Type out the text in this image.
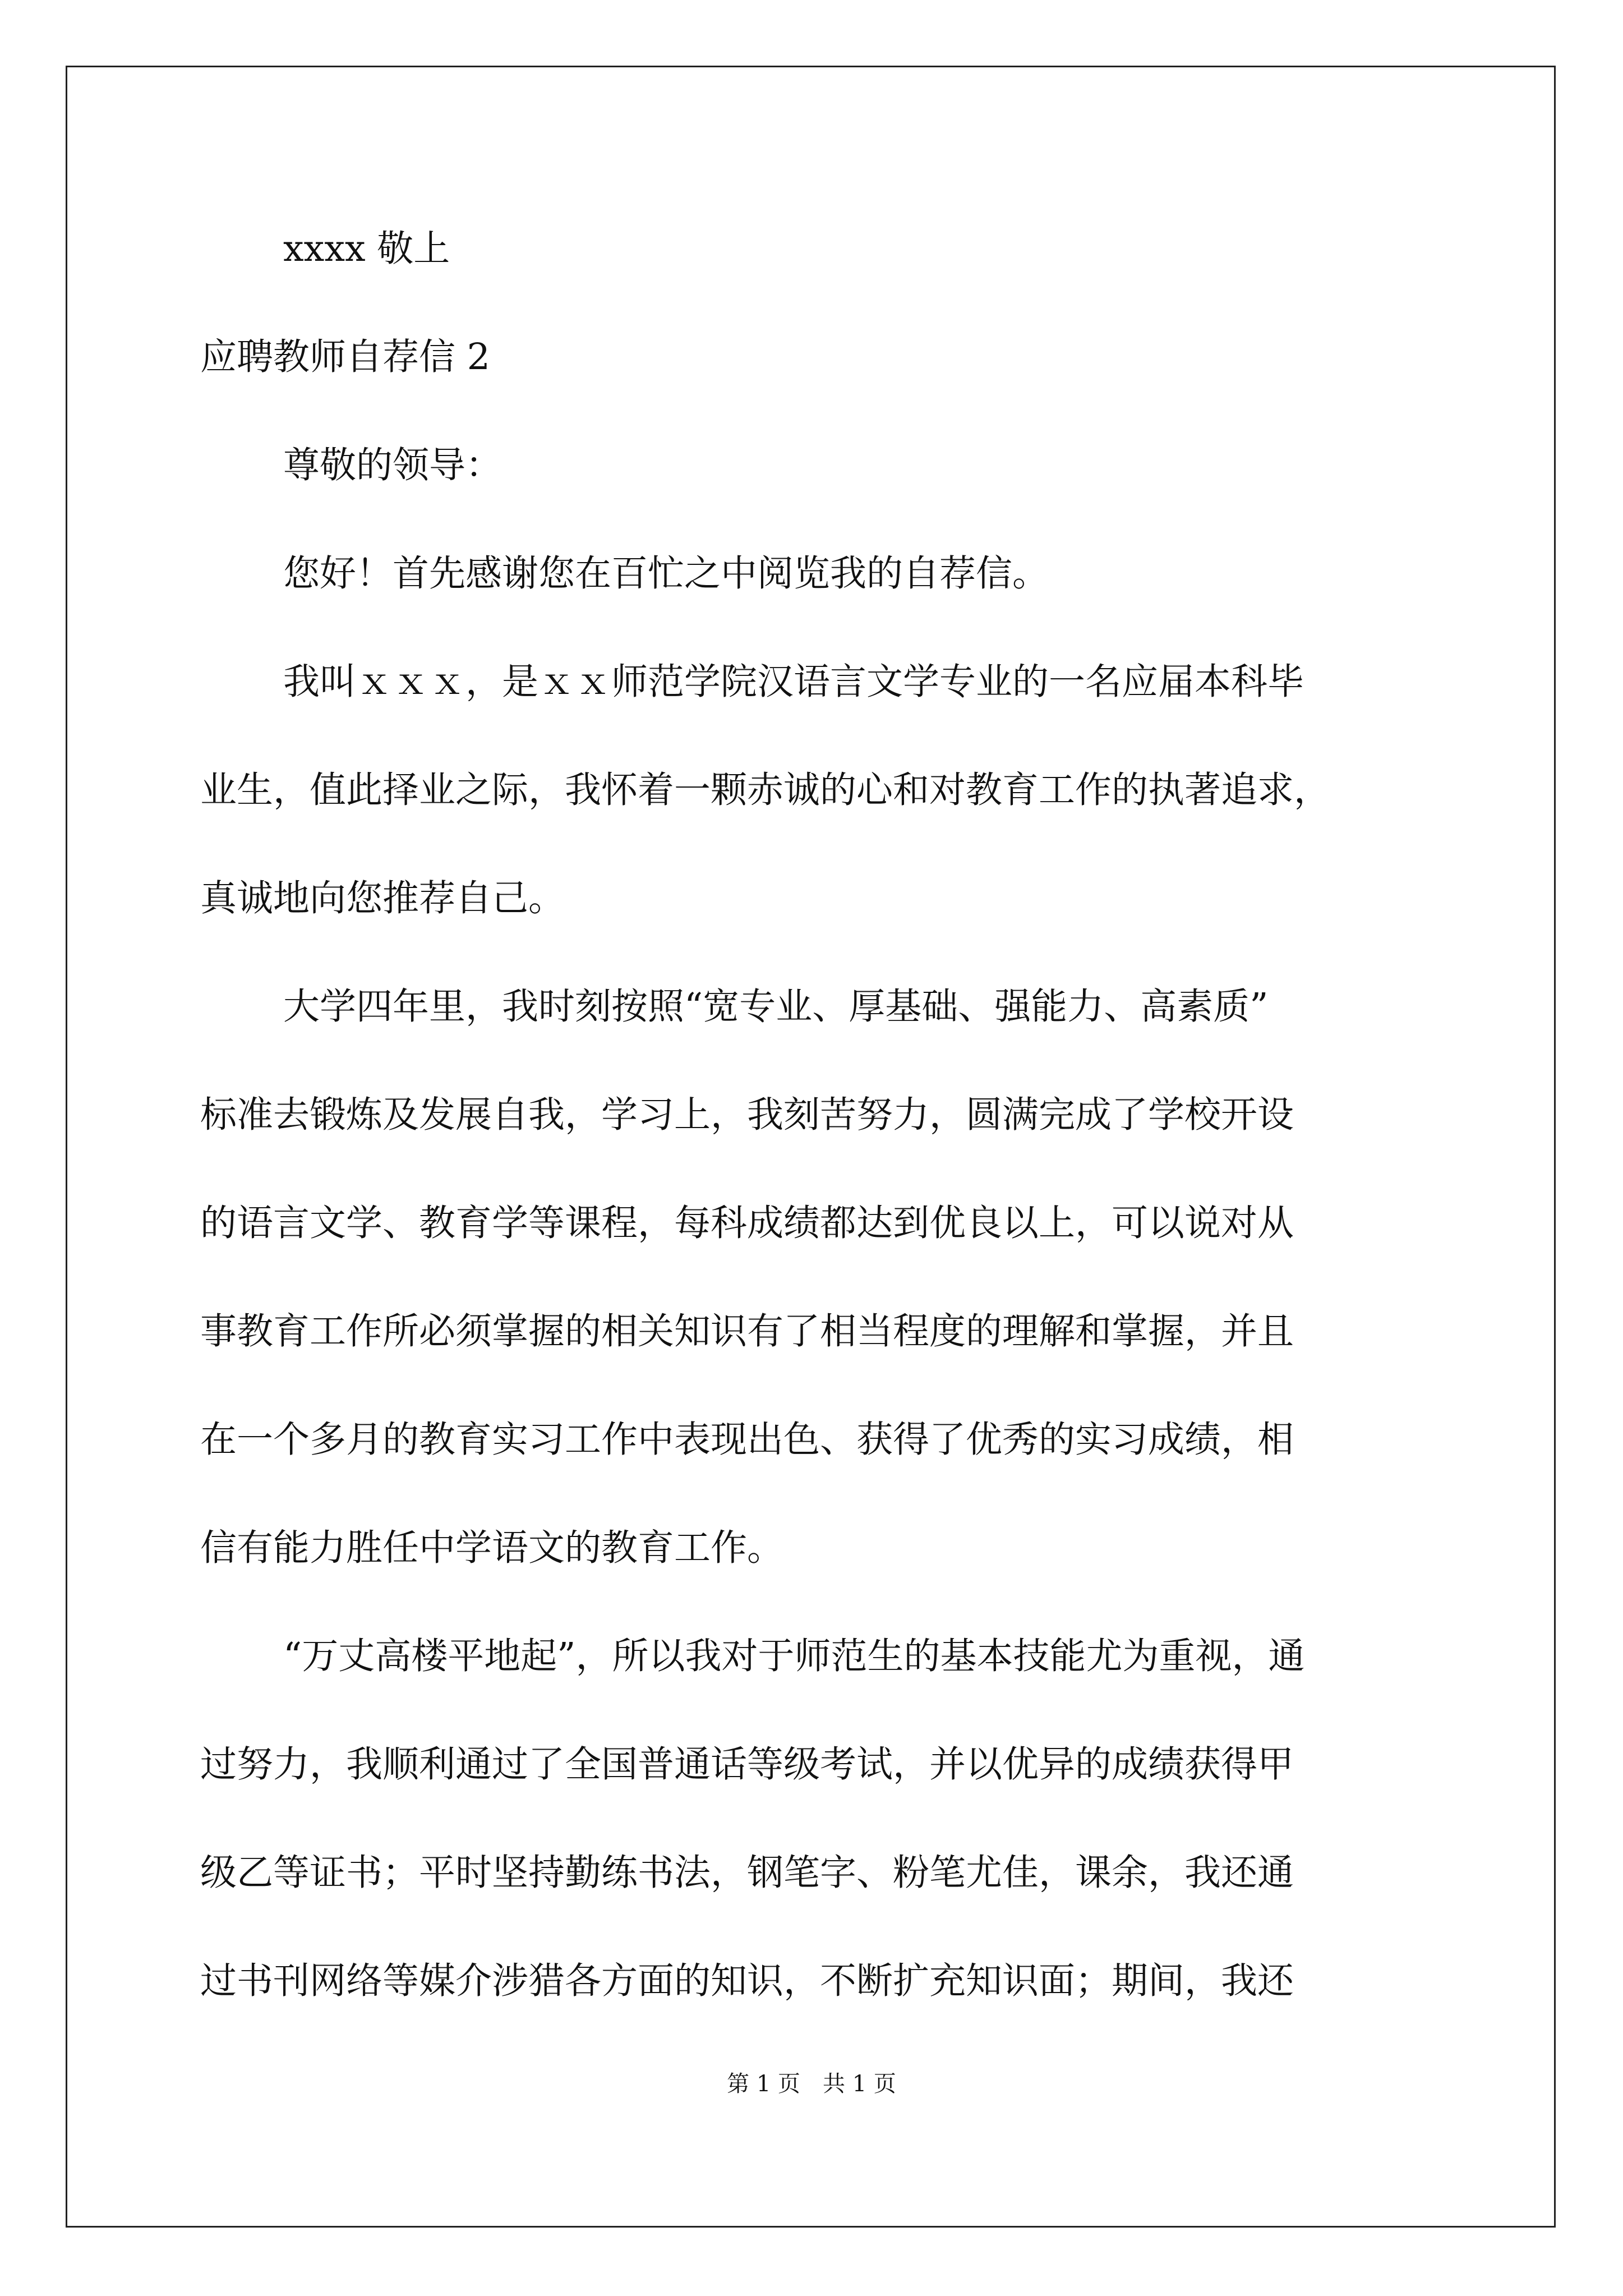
xxxx 敬上

应聘教师自荐信 2

尊敬的领导：

您好！首先感谢您在百忙之中阅览我的自荐信。

我叫ｘｘｘ，是ｘｘ师范学院汉语言文学专业的一名应届本科毕

业生，值此择业之际，我怀着一颗赤诚的心和对教育工作的执著追求，

真诚地向您推荐自己。

大学四年里，我时刻按照“宽专业、厚基础、强能力、高素质”

标准去锻炼及发展自我，学习上，我刻苦努力，圆满完成了学校开设

的语言文学、教育学等课程，每科成绩都达到优良以上，可以说对从

事教育工作所必须掌握的相关知识有了相当程度的理解和掌握，并且

在一个多月的教育实习工作中表现出色、获得了优秀的实习成绩，相

信有能力胜任中学语文的教育工作。

“万丈高楼平地起”，所以我对于师范生的基本技能尤为重视，通

过努力，我顺利通过了全国普通话等级考试，并以优异的成绩获得甲

级乙等证书；平时坚持勤练书法，钢笔字、粉笔尤佳，课余，我还通

过书刊网络等媒介涉猎各方面的知识，不断扩充知识面；期间，我还

第 1 页　共 1 页
